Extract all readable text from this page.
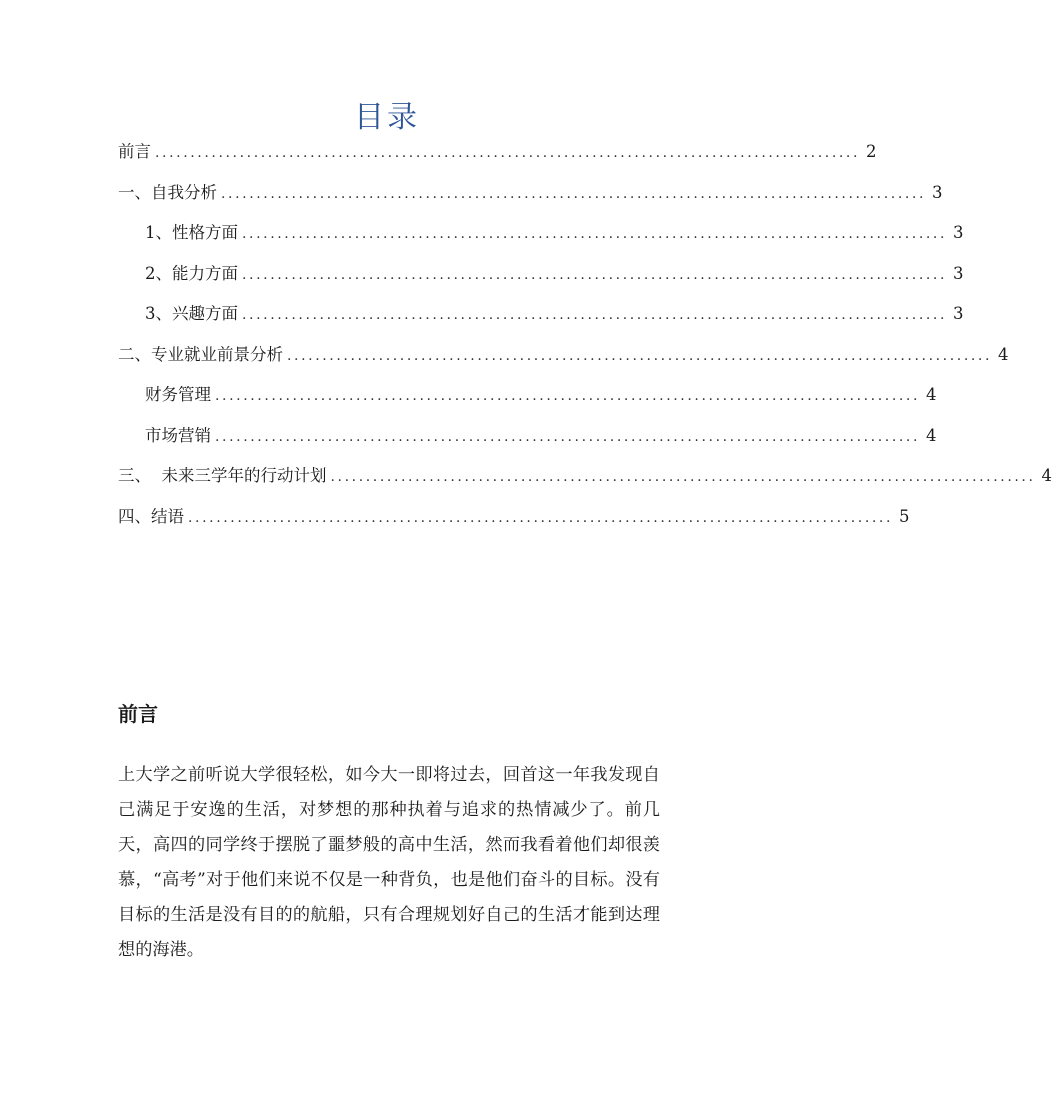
目录
前言 .................................................................................................... 2
一、自我分析 .................................................................................................... 3
1、性格方面 .................................................................................................... 3
2、能力方面 .................................................................................................... 3
3、兴趣方面 .................................................................................................... 3
二、专业就业前景分析 .................................................................................................... 4
财务管理 .................................................................................................... 4
市场营销 .................................................................................................... 4
三、  未来三学年的行动计划 .................................................................................................... 4
四、结语 .................................................................................................... 5
前言
上大学之前听说大学很轻松，如今大一即将过去，回首这一年我发现自己满足于安逸的生活，对梦想的那种执着与追求的热情减少了。前几天，高四的同学终于摆脱了噩梦般的高中生活，然而我看着他们却很羡慕，“高考”对于他们来说不仅是一种背负，也是他们奋斗的目标。没有目标的生活是没有目的的航船，只有合理规划好自己的生活才能到达理想的海港。
